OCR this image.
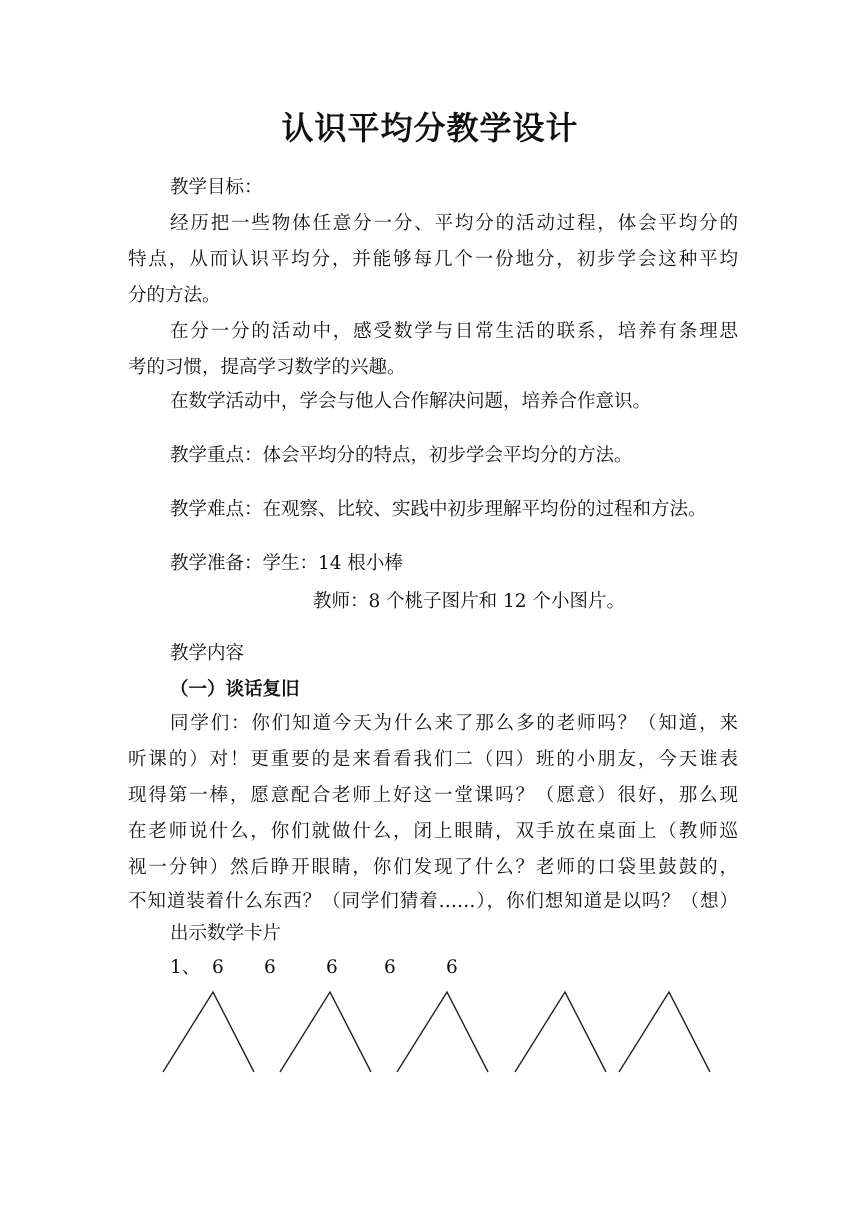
认识平均分教学设计
教学目标：
经历把一些物体任意分一分、平均分的活动过程，体会平均分的
特点，从而认识平均分，并能够每几个一份地分，初步学会这种平均
分的方法。
在分一分的活动中，感受数学与日常生活的联系，培养有条理思
考的习惯，提高学习数学的兴趣。
在数学活动中，学会与他人合作解决问题，培养合作意识。
教学重点：体会平均分的特点，初步学会平均分的方法。
教学难点：在观察、比较、实践中初步理解平均份的过程和方法。
教学准备：学生：14 根小棒
教师：8 个桃子图片和 12 个小图片。
教学内容
（一）谈话复旧
同学们：你们知道今天为什么来了那么多的老师吗？（知道，来
听课的）对！更重要的是来看看我们二（四）班的小朋友，今天谁表
现得第一棒，愿意配合老师上好这一堂课吗？（愿意）很好，那么现
在老师说什么，你们就做什么，闭上眼睛，双手放在桌面上（教师巡
视一分钟）然后睁开眼睛，你们发现了什么？老师的口袋里鼓鼓的，
不知道装着什么东西？（同学们猜着……），你们想知道是以吗？（想）
出示数学卡片
1、 6 6	6 6	6
